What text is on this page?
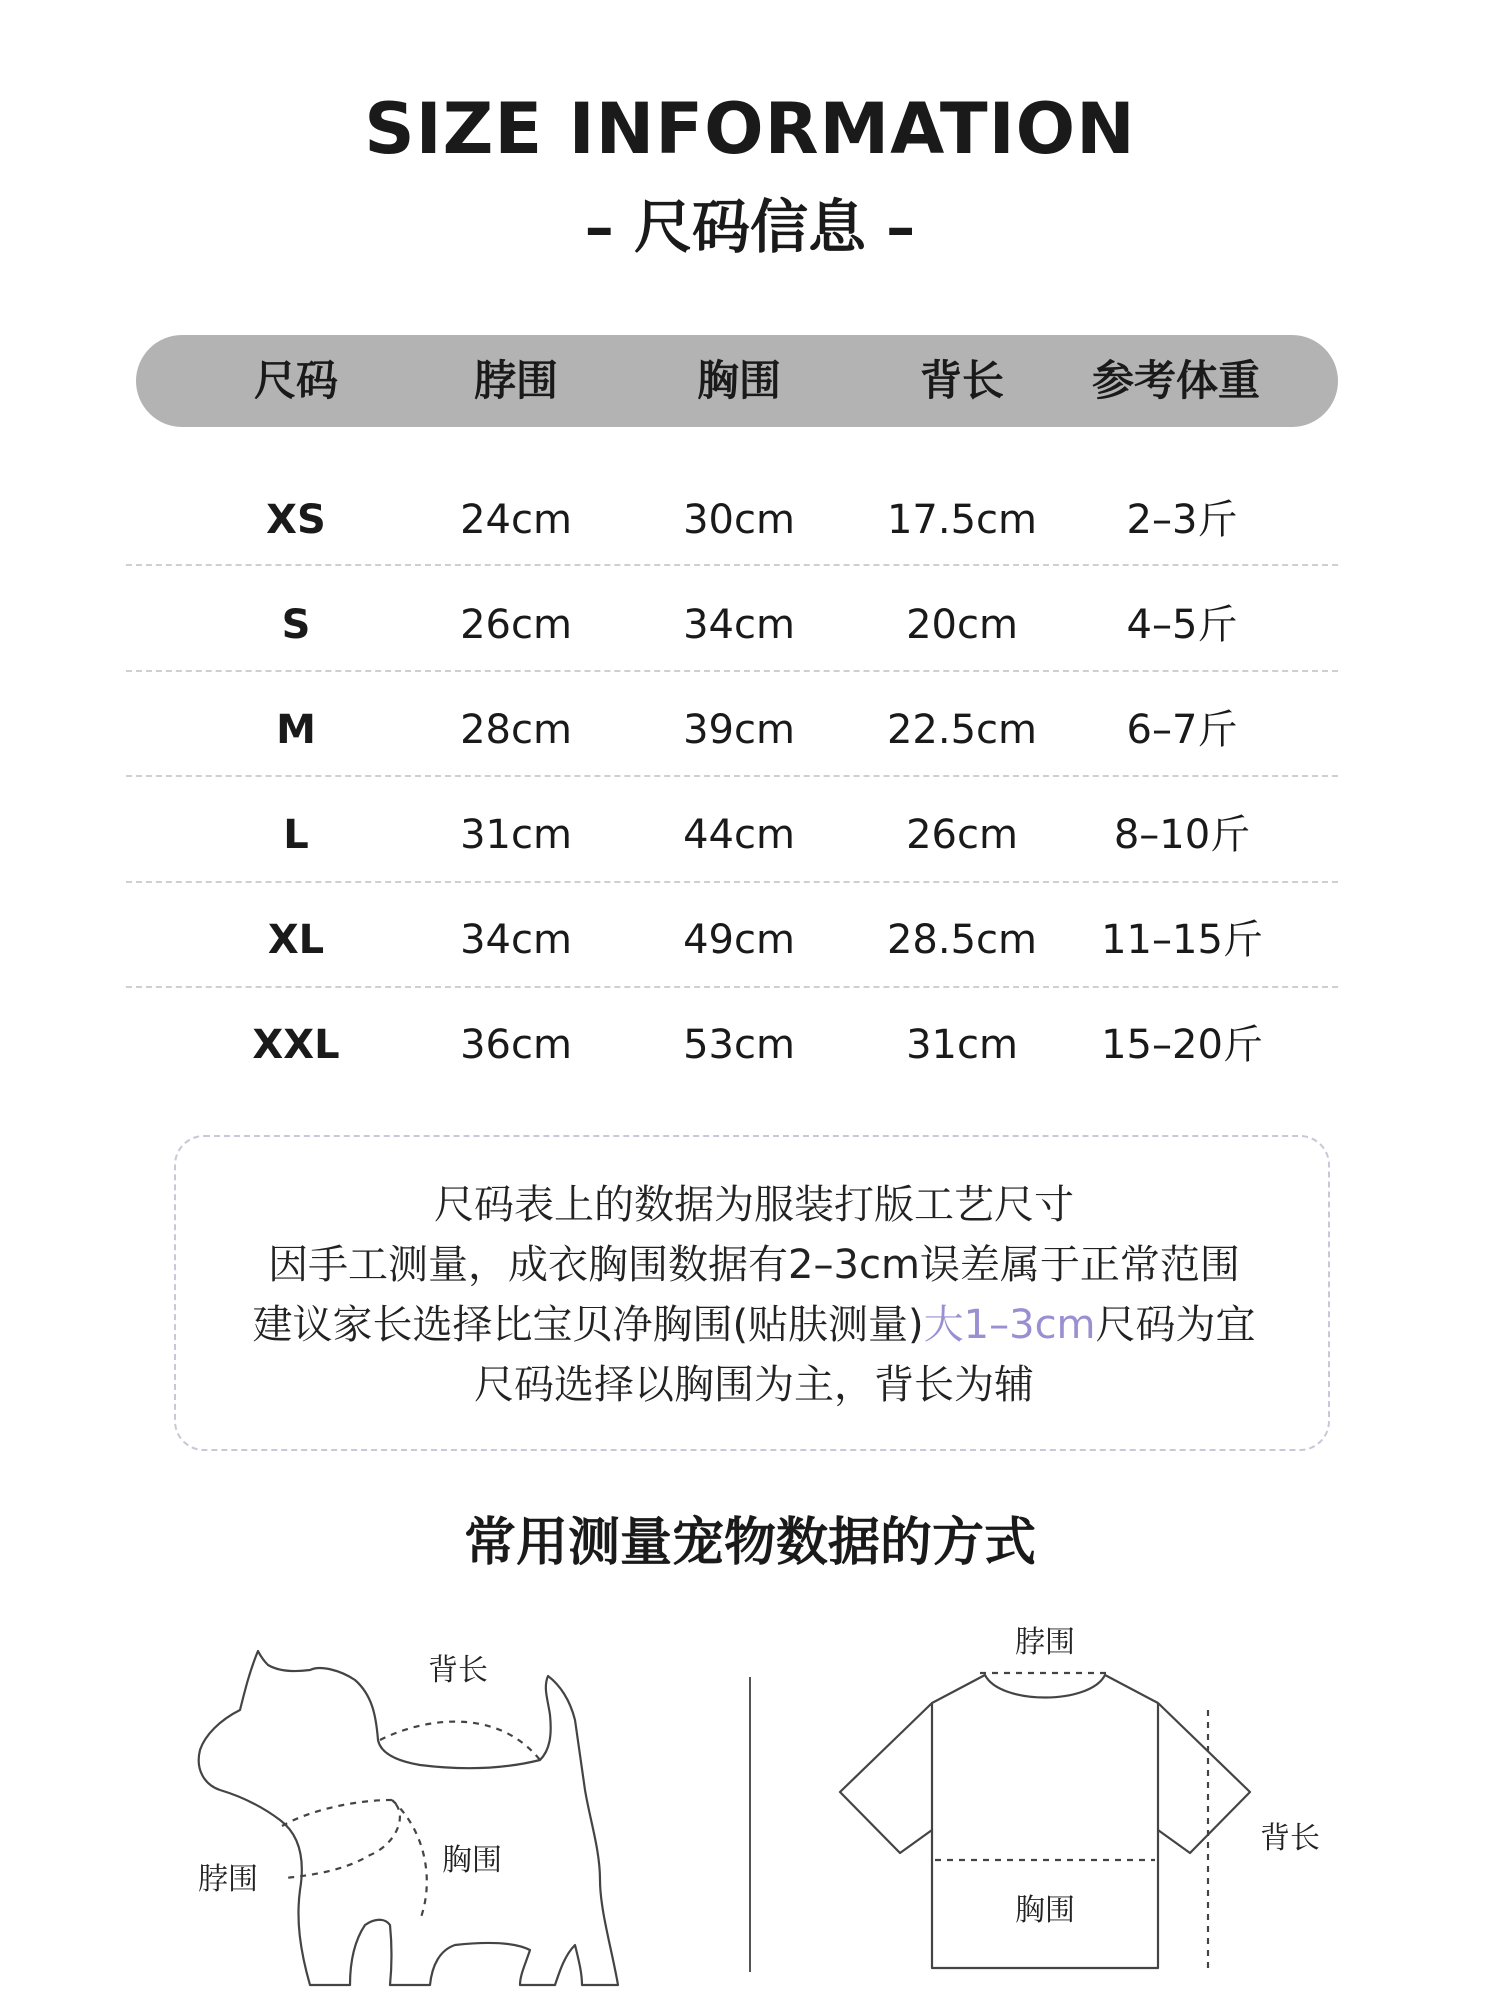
SIZE INFORMATION
– 尺码信息 –
尺码	脖围	胸围	背长	参考体重
XS	24cm	30cm	17.5cm	2–3斤
S	26cm	34cm	20cm	4–5斤
M	28cm	39cm	22.5cm	6–7斤
L	31cm	44cm	26cm	8–10斤
XL	34cm	49cm	28.5cm	11–15斤
XXL	36cm	53cm	31cm	15–20斤
尺码表上的数据为服装打版工艺尺寸
因手工测量，成衣胸围数据有2–3cm误差属于正常范围
建议家长选择比宝贝净胸围(贴肤测量)大1–3cm尺码为宜
尺码选择以胸围为主，背长为辅
常用测量宠物数据的方式
背长
脖围
胸围
脖围
背长
胸围
